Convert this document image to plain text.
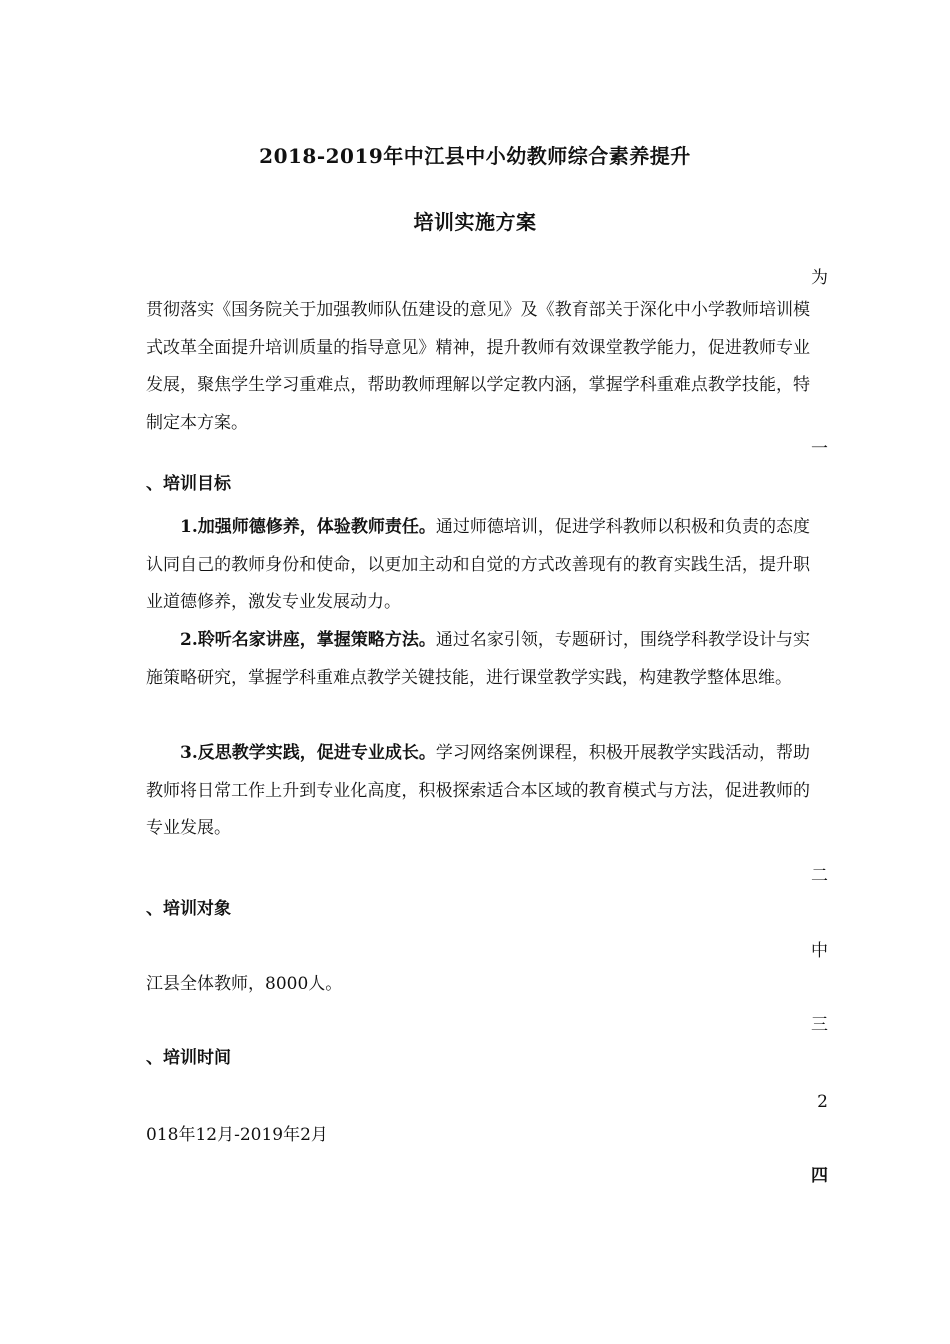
2018-2019年中江县中小幼教师综合素养提升
培训实施方案
为
贯彻落实《国务院关于加强教师队伍建设的意见》及《教育部关于深化中小学教师培训模式改革全面提升培训质量的指导意见》精神，提升教师有效课堂教学能力，促进教师专业发展，聚焦学生学习重难点，帮助教师理解以学定教内涵，掌握学科重难点教学技能，特制定本方案。
一
、培训目标
1.加强师德修养，体验教师责任。通过师德培训，促进学科教师以积极和负责的态度认同自己的教师身份和使命，以更加主动和自觉的方式改善现有的教育实践生活，提升职业道德修养，激发专业发展动力。
2.聆听名家讲座，掌握策略方法。通过名家引领，专题研讨，围绕学科教学设计与实施策略研究，掌握学科重难点教学关键技能，进行课堂教学实践，构建教学整体思维。
3.反思教学实践，促进专业成长。学习网络案例课程，积极开展教学实践活动，帮助教师将日常工作上升到专业化高度，积极探索适合本区域的教育模式与方法，促进教师的专业发展。
二
、培训对象
中
江县全体教师，8000人。
三
、培训时间
2
018年12月-2019年2月
四
